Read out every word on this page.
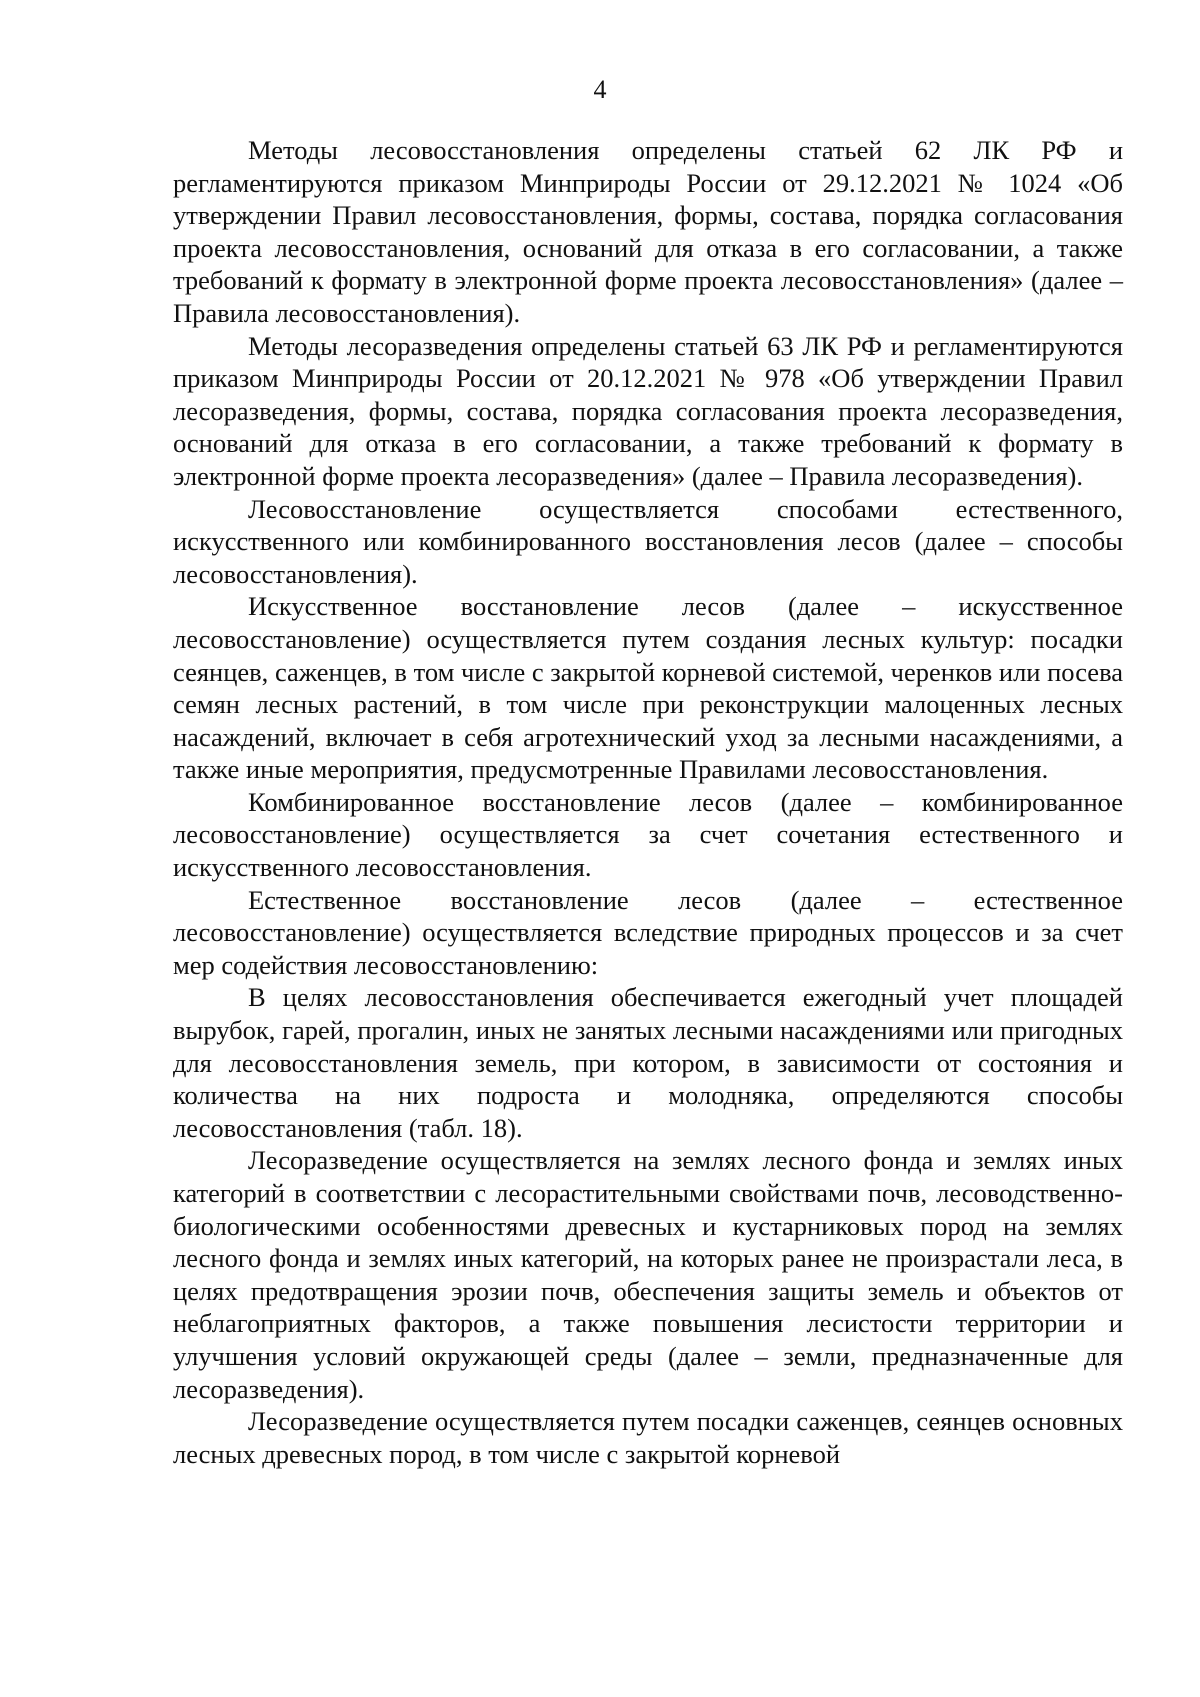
4

Методы лесовосстановления определены статьей 62 ЛК РФ и регламентируются приказом Минприроды России от 29.12.2021 № 1024 «Об утверждении Правил лесовосстановления, формы, состава, порядка согласования проекта лесовосстановления, оснований для отказа в его согласовании, а также требований к формату в электронной форме проекта лесовосстановления» (далее – Правила лесовосстановления).

Методы лесоразведения определены статьей 63 ЛК РФ и регламентируются приказом Минприроды России от 20.12.2021 № 978 «Об утверждении Правил лесоразведения, формы, состава, порядка согласования проекта лесоразведения, оснований для отказа в его согласовании, а также требований к формату в электронной форме проекта лесоразведения» (далее – Правила лесоразведения).

Лесовосстановление осуществляется способами естественного, искусственного или комбинированного восстановления лесов (далее – способы лесовосстановления).

Искусственное восстановление лесов (далее – искусственное лесовосстановление) осуществляется путем создания лесных культур: посадки сеянцев, саженцев, в том числе с закрытой корневой системой, черенков или посева семян лесных растений, в том числе при реконструкции малоценных лесных насаждений, включает в себя агротехнический уход за лесными насаждениями, а также иные мероприятия, предусмотренные Правилами лесовосстановления.

Комбинированное восстановление лесов (далее – комбинированное лесовосстановление) осуществляется за счет сочетания естественного и искусственного лесовосстановления.

Естественное восстановление лесов (далее – естественное лесовосстановление) осуществляется вследствие природных процессов и за счет мер содействия лесовосстановлению:

В целях лесовосстановления обеспечивается ежегодный учет площадей вырубок, гарей, прогалин, иных не занятых лесными насаждениями или пригодных для лесовосстановления земель, при котором, в зависимости от состояния и количества на них подроста и молодняка, определяются способы лесовосстановления (табл. 18).

Лесоразведение осуществляется на землях лесного фонда и землях иных категорий в соответствии с лесорастительными свойствами почв, лесоводственно-биологическими особенностями древесных и кустарниковых пород на землях лесного фонда и землях иных категорий, на которых ранее не произрастали леса, в целях предотвращения эрозии почв, обеспечения защиты земель и объектов от неблагоприятных факторов, а также повышения лесистости территории и улучшения условий окружающей среды (далее – земли, предназначенные для лесоразведения).

Лесоразведение осуществляется путем посадки саженцев, сеянцев основных лесных древесных пород, в том числе с закрытой корневой
